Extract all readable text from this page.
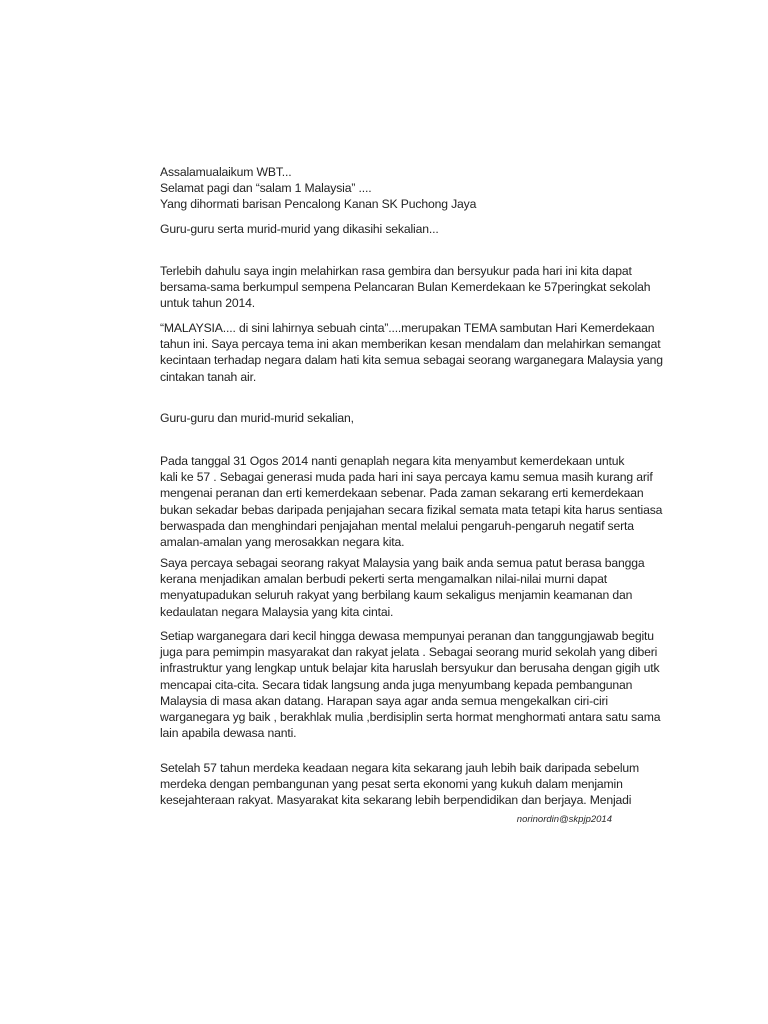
Assalamualaikum WBT...
Selamat pagi dan “salam 1 Malaysia” ....
Yang dihormati barisan Pencalong Kanan SK Puchong Jaya
Guru-guru serta murid-murid yang dikasihi sekalian...
Terlebih dahulu saya ingin melahirkan rasa gembira dan bersyukur pada hari ini kita dapat
bersama-sama berkumpul sempena Pelancaran Bulan Kemerdekaan ke 57peringkat sekolah
untuk tahun 2014.
“MALAYSIA.... di sini lahirnya sebuah cinta”....merupakan TEMA sambutan Hari Kemerdekaan
tahun ini. Saya percaya tema ini akan memberikan kesan mendalam dan melahirkan semangat
kecintaan terhadap negara dalam hati kita semua sebagai seorang warganegara Malaysia yang
cintakan tanah air.
Guru-guru dan murid-murid sekalian,
Pada tanggal 31 Ogos 2014 nanti genaplah negara kita menyambut kemerdekaan untuk
kali ke 57 . Sebagai generasi muda pada hari ini saya percaya kamu semua masih kurang arif
mengenai peranan dan erti kemerdekaan sebenar. Pada zaman sekarang erti kemerdekaan
bukan sekadar bebas daripada penjajahan secara fizikal semata mata tetapi kita harus sentiasa
berwaspada dan menghindari penjajahan mental melalui pengaruh-pengaruh negatif serta
amalan-amalan yang merosakkan negara kita.
Saya percaya sebagai seorang rakyat Malaysia yang baik anda semua patut berasa bangga
kerana menjadikan amalan berbudi pekerti serta mengamalkan nilai-nilai murni dapat
menyatupadukan seluruh rakyat yang berbilang kaum sekaligus menjamin keamanan dan
kedaulatan negara Malaysia yang kita cintai.
Setiap warganegara dari kecil hingga dewasa mempunyai peranan dan tanggungjawab begitu
juga para pemimpin masyarakat dan rakyat jelata . Sebagai seorang murid sekolah yang diberi
infrastruktur yang lengkap untuk belajar kita haruslah bersyukur dan berusaha dengan gigih utk
mencapai cita-cita. Secara tidak langsung anda juga menyumbang kepada pembangunan
Malaysia di masa akan datang. Harapan saya agar anda semua mengekalkan ciri-ciri
warganegara yg baik , berakhlak mulia ,berdisiplin serta hormat menghormati antara satu sama
lain apabila dewasa nanti.
Setelah 57 tahun merdeka keadaan negara kita sekarang jauh lebih baik daripada sebelum
merdeka dengan pembangunan yang pesat serta ekonomi yang kukuh dalam menjamin
kesejahteraan rakyat. Masyarakat kita sekarang lebih berpendidikan dan berjaya. Menjadi
norinordin@skpjp2014
